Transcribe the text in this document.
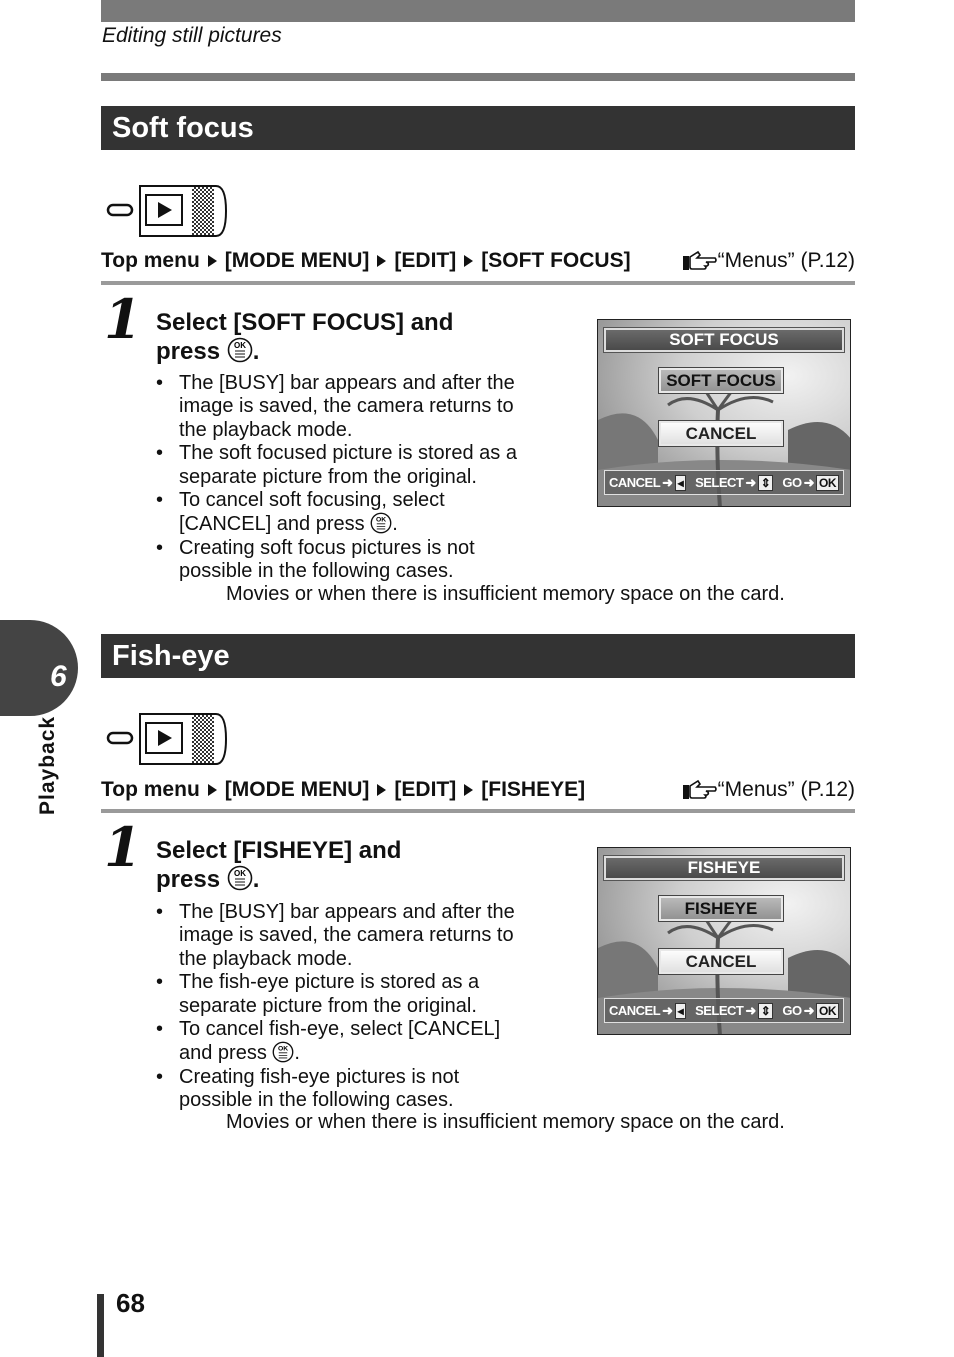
Editing still pictures
Soft focus
Top menu [MODE MENU] [EDIT] [SOFT FOCUS]	“Menus” (P.12)
1 Select [SOFT FOCUS] and
press OK .
• The [BUSY] bar appears and after the
image is saved, the camera returns to
the playback mode.
• The soft focused picture is stored as a
separate picture from the original.
• To cancel soft focusing, select
[CANCEL] and press OK .
• Creating soft focus pictures is not
possible in the following cases.
Movies or when there is insufficient memory space on the card.
SOFT FOCUS
SOFT FOCUS
CANCEL
CANCEL ➜ ◂ SELECT ➜ ⇕ GO ➜ OK
Fish-eye
Top menu [MODE MENU] [EDIT] [FISHEYE]	“Menus” (P.12)
1 Select [FISHEYE] and
press OK .
• The [BUSY] bar appears and after the
image is saved, the camera returns to
the playback mode.
• The fish-eye picture is stored as a
separate picture from the original.
• To cancel fish-eye, select [CANCEL]
and press OK .
• Creating fish-eye pictures is not
possible in the following cases.
Movies or when there is insufficient memory space on the card.
FISHEYE
FISHEYE
CANCEL
CANCEL ➜ ◂ SELECT ➜ ⇕ GO ➜ OK
6
Playback
68
